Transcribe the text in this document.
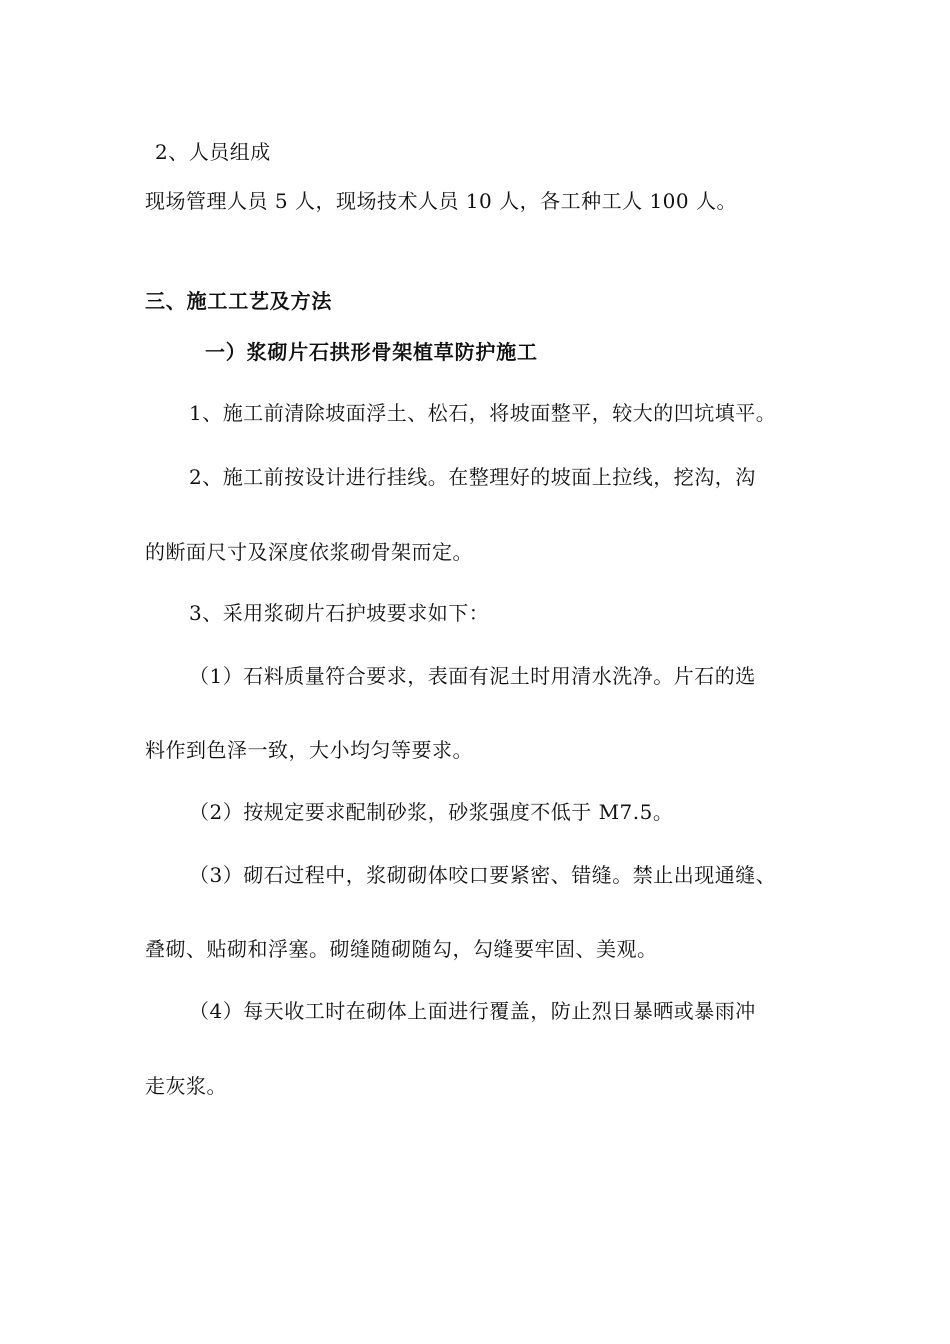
2、人员组成
现场管理人员 5 人，现场技术人员 10 人，各工种工人 100 人。
三、施工工艺及方法
一）浆砌片石拱形骨架植草防护施工
1、施工前清除坡面浮土、松石，将坡面整平，较大的凹坑填平。
2、施工前按设计进行挂线。在整理好的坡面上拉线，挖沟，沟
的断面尺寸及深度依浆砌骨架而定。
3、采用浆砌片石护坡要求如下：
（1）石料质量符合要求，表面有泥土时用清水洗净。片石的选
料作到色泽一致，大小均匀等要求。
（2）按规定要求配制砂浆，砂浆强度不低于 M7.5。
（3）砌石过程中，浆砌砌体咬口要紧密、错缝。禁止出现通缝、
叠砌、贴砌和浮塞。砌缝随砌随勾，勾缝要牢固、美观。
（4）每天收工时在砌体上面进行覆盖，防止烈日暴晒或暴雨冲
走灰浆。
